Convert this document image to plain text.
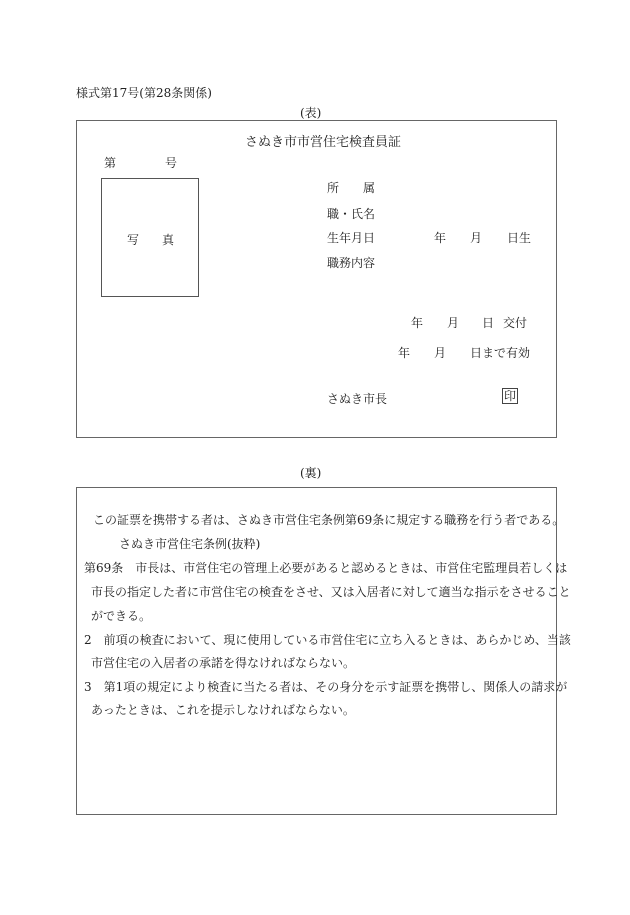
様式第17号(第28条関係)
(表)
さぬき市市営住宅検査員証
第	号
写 真
所 属
職・氏名
生年月日	年 月 日生
職務内容
年 月 日 交付
年 月 日まで有効
さぬき市長	印
(裏)
この証票を携帯する者は、さぬき市営住宅条例第69条に規定する職務を行う者である。
さぬき市営住宅条例(抜粋)
第69条　市長は、市営住宅の管理上必要があると認めるときは、市営住宅監理員若しくは
市長の指定した者に市営住宅の検査をさせ、又は入居者に対して適当な指示をさせること
ができる。
2　前項の検査において、現に使用している市営住宅に立ち入るときは、あらかじめ、当該
市営住宅の入居者の承諾を得なければならない。
3　第1項の規定により検査に当たる者は、その身分を示す証票を携帯し、関係人の請求が
あったときは、これを提示しなければならない。
